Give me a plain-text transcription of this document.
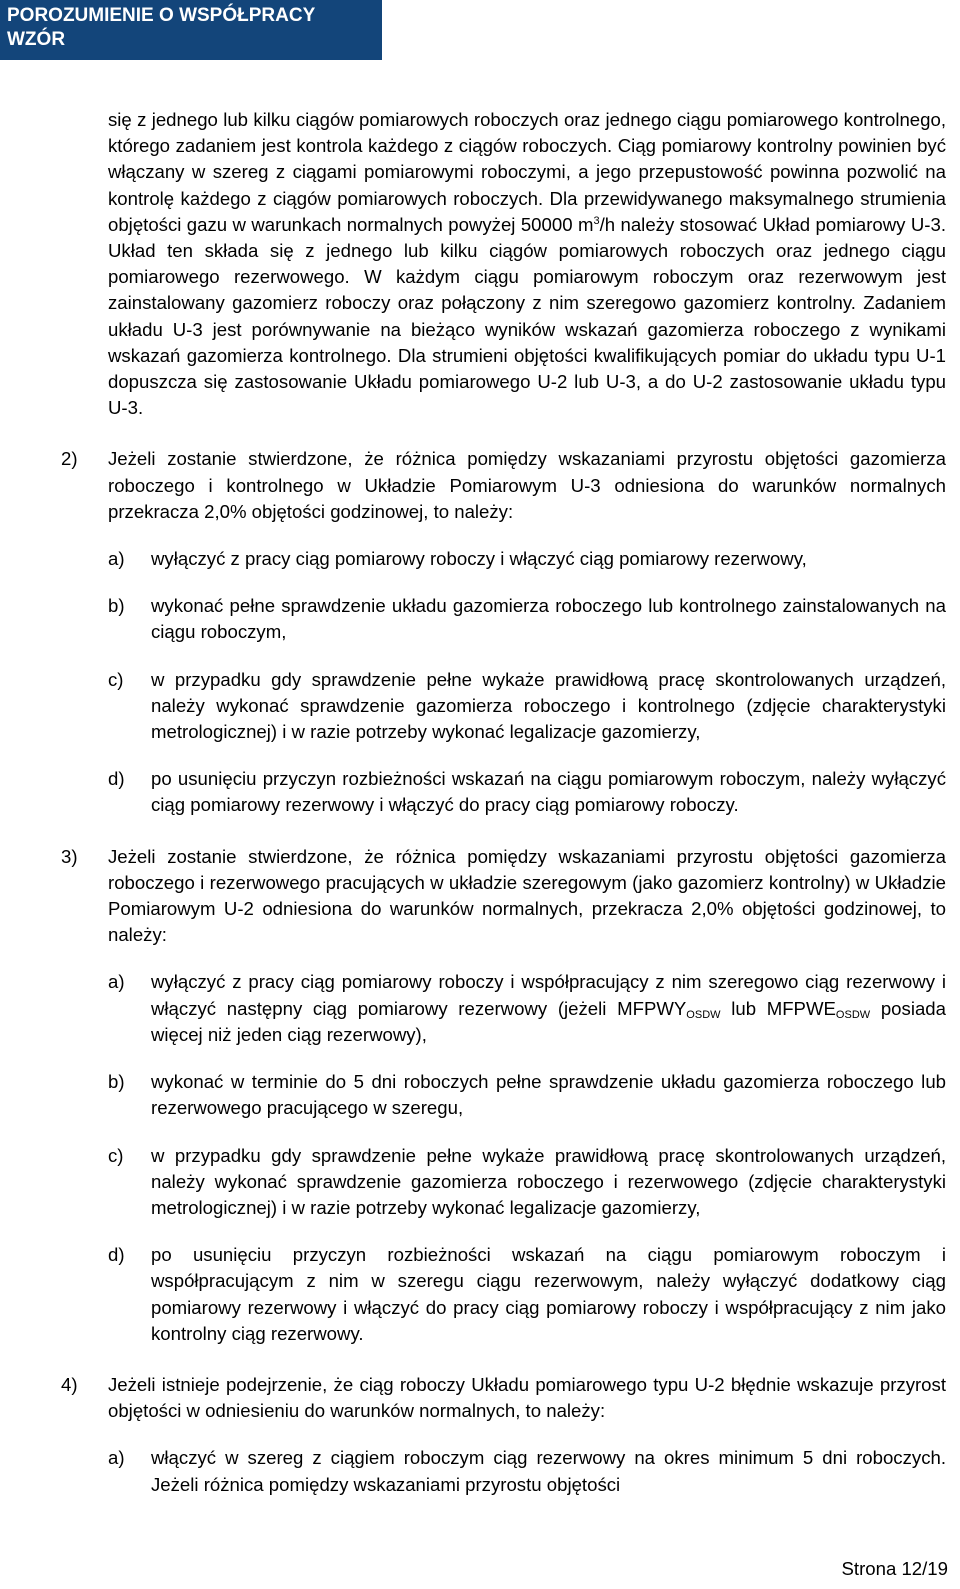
POROZUMIENIE O WSPÓŁPRACY
WZÓR

się z jednego lub kilku ciągów pomiarowych roboczych oraz jednego ciągu pomiarowego kontrolnego, którego zadaniem jest kontrola każdego z ciągów roboczych. Ciąg pomiarowy kontrolny powinien być włączany w szereg z ciągami pomiarowymi roboczymi, a jego przepustowość powinna pozwolić na kontrolę każdego z ciągów pomiarowych roboczych. Dla przewidywanego maksymalnego strumienia objętości gazu w warunkach normalnych powyżej 50000 $m^3/h$ należy stosować Układ pomiarowy U-3. Układ ten składa się z jednego lub kilku ciągów pomiarowych roboczych oraz jednego ciągu pomiarowego rezerwowego. W każdym ciągu pomiarowym roboczym oraz rezerwowym jest zainstalowany gazomierz roboczy oraz połączony z nim szeregowo gazomierz kontrolny. Zadaniem układu U-3 jest porównywanie na bieżąco wyników wskazań gazomierza roboczego z wynikami wskazań gazomierza kontrolnego. Dla strumieni objętości kwalifikujących pomiar do układu typu U-1 dopuszcza się zastosowanie Układu pomiarowego U-2 lub U-3, a do U-2 zastosowanie układu typu U-3.

2) Jeżeli zostanie stwierdzone, że różnica pomiędzy wskazaniami przyrostu objętości gazomierza roboczego i kontrolnego w Układzie Pomiarowym U-3 odniesiona do warunków normalnych przekracza 2,0% objętości godzinowej, to należy:

a) wyłączyć z pracy ciąg pomiarowy roboczy i włączyć ciąg pomiarowy rezerwowy,

b) wykonać pełne sprawdzenie układu gazomierza roboczego lub kontrolnego zainstalowanych na ciągu roboczym,

c) w przypadku gdy sprawdzenie pełne wykaże prawidłową pracę skontrolowanych urządzeń, należy wykonać sprawdzenie gazomierza roboczego i kontrolnego (zdjęcie charakterystyki metrologicznej) i w razie potrzeby wykonać legalizacje gazomierzy,

d) po usunięciu przyczyn rozbieżności wskazań na ciągu pomiarowym roboczym, należy wyłączyć ciąg pomiarowy rezerwowy i włączyć do pracy ciąg pomiarowy roboczy.

3) Jeżeli zostanie stwierdzone, że różnica pomiędzy wskazaniami przyrostu objętości gazomierza roboczego i rezerwowego pracujących w układzie szeregowym (jako gazomierz kontrolny) w Układzie Pomiarowym U-2 odniesiona do warunków normalnych, przekracza 2,0% objętości godzinowej, to należy:

a) wyłączyć z pracy ciąg pomiarowy roboczy i współpracujący z nim szeregowo ciąg rezerwowy i włączyć następny ciąg pomiarowy rezerwowy (jeżeli $MFPWY_{OSDW}$ lub $MFPWE_{OSDW}$ posiada więcej niż jeden ciąg rezerwowy),

b) wykonać w terminie do 5 dni roboczych pełne sprawdzenie układu gazomierza roboczego lub rezerwowego pracującego w szeregu,

c) w przypadku gdy sprawdzenie pełne wykaże prawidłową pracę skontrolowanych urządzeń, należy wykonać sprawdzenie gazomierza roboczego i rezerwowego (zdjęcie charakterystyki metrologicznej) i w razie potrzeby wykonać legalizacje gazomierzy,

d) po usunięciu przyczyn rozbieżności wskazań na ciągu pomiarowym roboczym i współpracującym z nim w szeregu ciągu rezerwowym, należy wyłączyć dodatkowy ciąg pomiarowy rezerwowy i włączyć do pracy ciąg pomiarowy roboczy i współpracujący z nim jako kontrolny ciąg rezerwowy.

4) Jeżeli istnieje podejrzenie, że ciąg roboczy Układu pomiarowego typu U-2 błędnie wskazuje przyrost objętości w odniesieniu do warunków normalnych, to należy:

a) włączyć w szereg z ciągiem roboczym ciąg rezerwowy na okres minimum 5 dni roboczych. Jeżeli różnica pomiędzy wskazaniami przyrostu objętości

Strona 12/19
